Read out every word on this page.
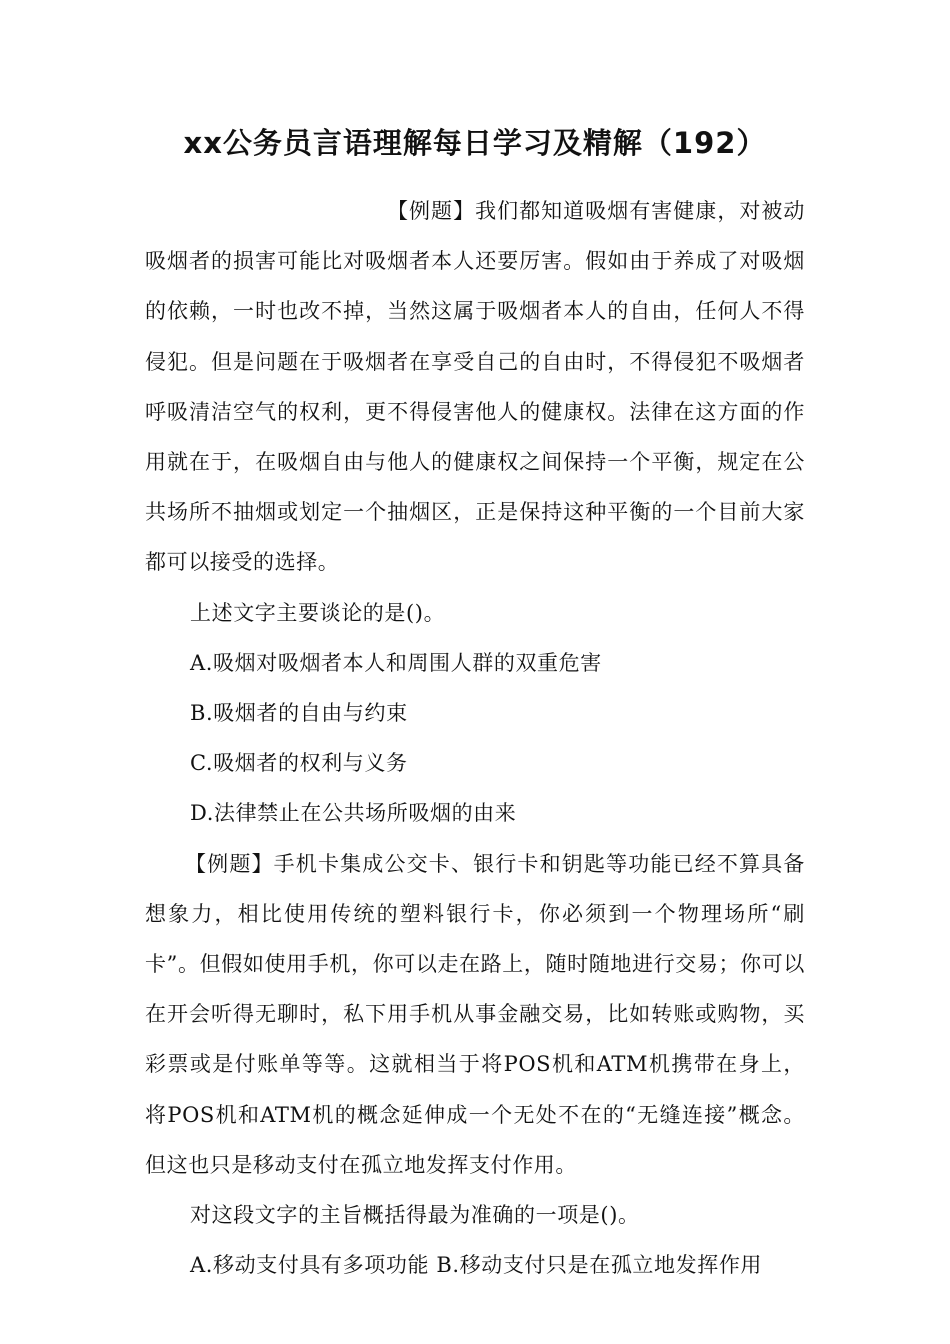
xx公务员言语理解每日学习及精解（192）

【例题】我们都知道吸烟有害健康，对被动吸烟者的损害可能比对吸烟者本人还要厉害。假如由于养成了对吸烟的依赖，一时也改不掉，当然这属于吸烟者本人的自由，任何人不得侵犯。但是问题在于吸烟者在享受自己的自由时，不得侵犯不吸烟者呼吸清洁空气的权利，更不得侵害他人的健康权。法律在这方面的作用就在于，在吸烟自由与他人的健康权之间保持一个平衡，规定在公共场所不抽烟或划定一个抽烟区，正是保持这种平衡的一个目前大家都可以接受的选择。

上述文字主要谈论的是()。

A.吸烟对吸烟者本人和周围人群的双重危害

B.吸烟者的自由与约束

C.吸烟者的权利与义务

D.法律禁止在公共场所吸烟的由来

【例题】手机卡集成公交卡、银行卡和钥匙等功能已经不算具备想象力，相比使用传统的塑料银行卡，你必须到一个物理场所“刷卡”。但假如使用手机，你可以走在路上，随时随地进行交易；你可以在开会听得无聊时，私下用手机从事金融交易，比如转账或购物，买彩票或是付账单等等。这就相当于将POS机和ATM机携带在身上，将POS机和ATM机的概念延伸成一个无处不在的“无缝连接”概念。但这也只是移动支付在孤立地发挥支付作用。

对这段文字的主旨概括得最为准确的一项是()。

A.移动支付具有多项功能 B.移动支付只是在孤立地发挥作用
